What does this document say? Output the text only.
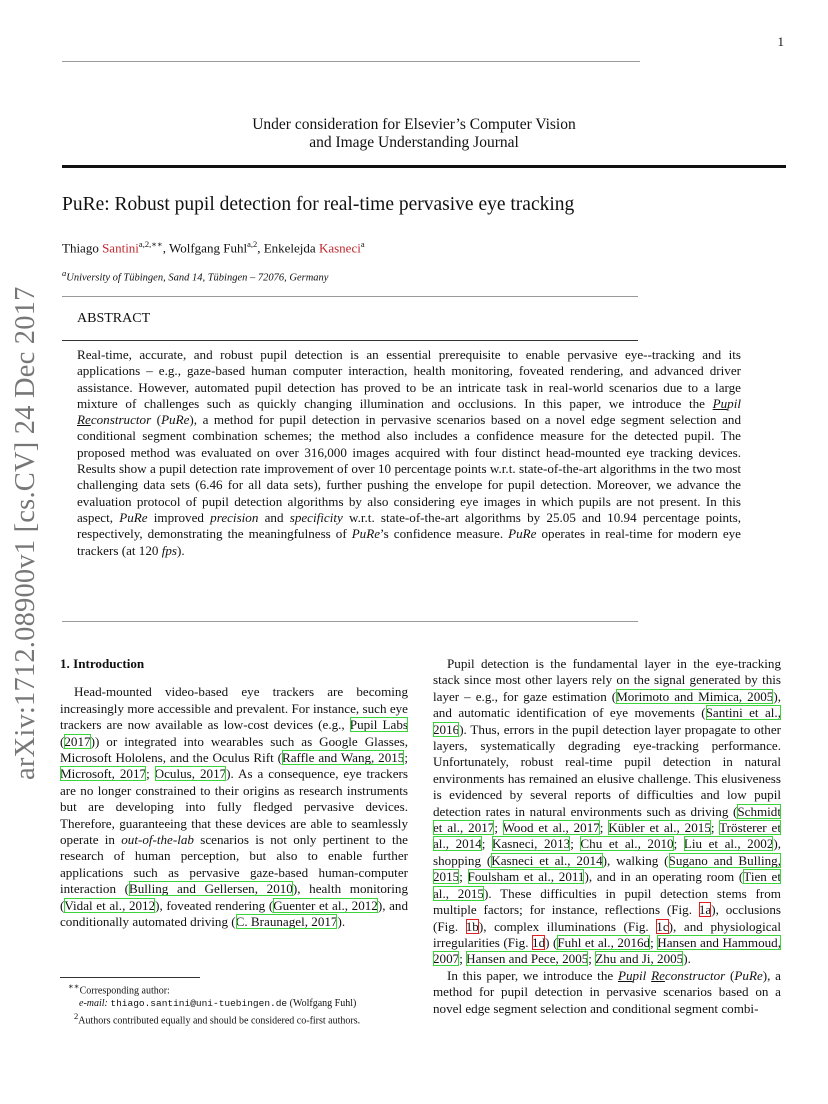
1
Under consideration for Elsevier’s Computer Vision
and Image Understanding Journal
PuRe: Robust pupil detection for real-time pervasive eye tracking
Thiago Santini$^{a,2,∗∗}$, Wolfgang Fuhl$^{a,2}$, Enkelejda Kasneci$^a$
$^a$University of Tübingen, Sand 14, Tübingen – 72076, Germany
ABSTRACT
Real-time, accurate, and robust pupil detection is an essential prerequisite to enable pervasive eye--tracking and its applications – e.g., gaze-based human computer interaction, health monitoring, foveated rendering, and advanced driver assistance. However, automated pupil detection has proved to be an intricate task in real-world scenarios due to a large mixture of challenges such as quickly changing illumination and occlusions. In this paper, we introduce the Pupil Reconstructor (PuRe), a method for pupil detection in pervasive scenarios based on a novel edge segment selection and conditional segment combination schemes; the method also includes a confidence measure for the detected pupil. The proposed method was evaluated on over 316,000 images acquired with four distinct head-mounted eye tracking devices. Results show a pupil detection rate improvement of over 10 percentage points w.r.t. state-of-the-art algorithms in the two most challenging data sets (6.46 for all data sets), further pushing the envelope for pupil detection. Moreover, we advance the evaluation protocol of pupil detection algorithms by also considering eye images in which pupils are not present. In this aspect, PuRe improved precision and specificity w.r.t. state-of-the-art algorithms by 25.05 and 10.94 percentage points, respectively, demonstrating the meaningfulness of PuRe’s confidence measure. PuRe operates in real-time for modern eye trackers (at 120 fps).
arXiv:1712.08900v1 [cs.CV] 24 Dec 2017 1. Introduction

Head-mounted video-based eye trackers are becoming increasingly more accessible and prevalent. For instance, such eye trackers are now available as low-cost devices (e.g., Pupil Labs (2017)) or integrated into wearables such as Google Glasses, Microsoft Hololens, and the Oculus Rift (Raffle and Wang, 2015; Microsoft, 2017; Oculus, 2017). As a consequence, eye trackers are no longer constrained to their origins as research instruments but are developing into fully fledged pervasive devices. Therefore, guaranteeing that these devices are able to seamlessly operate in out-of-the-lab scenarios is not only pertinent to the research of human perception, but also to enable further applications such as pervasive gaze-based human-computer interaction (Bulling and Gellersen, 2010), health monitoring (Vidal et al., 2012), foveated rendering (Guenter et al., 2012), and conditionally automated driving (C. Braunagel, 2017).

∗∗Corresponding author:
e-mail: thiago.santini@uni-tuebingen.de (Wolfgang Fuhl)
$^2$Authors contributed equally and should be considered co-first authors.

Pupil detection is the fundamental layer in the eye-tracking stack since most other layers rely on the signal generated by this layer – e.g., for gaze estimation (Morimoto and Mimica, 2005), and automatic identification of eye movements (Santini et al., 2016). Thus, errors in the pupil detection layer propagate to other layers, systematically degrading eye-tracking performance. Unfortunately, robust real-time pupil detection in natural environments has remained an elusive challenge. This elusiveness is evidenced by several reports of difficulties and low pupil detection rates in natural environments such as driving (Schmidt et al., 2017; Wood et al., 2017; Kübler et al., 2015; Trösterer et al., 2014; Kasneci, 2013; Chu et al., 2010; Liu et al., 2002), shopping (Kasneci et al., 2014), walking (Sugano and Bulling, 2015; Foulsham et al., 2011), and in an operating room (Tien et al., 2015). These difficulties in pupil detection stems from multiple factors; for instance, reflections (Fig. 1a), occlusions (Fig. 1b), complex illuminations (Fig. 1c), and physiological irregularities (Fig. 1d) (Fuhl et al., 2016d; Hansen and Hammoud, 2007; Hansen and Pece, 2005; Zhu and Ji, 2005).

In this paper, we introduce the Pupil Reconstructor (PuRe), a method for pupil detection in pervasive scenarios based on a novel edge segment selection and conditional segment combi-
